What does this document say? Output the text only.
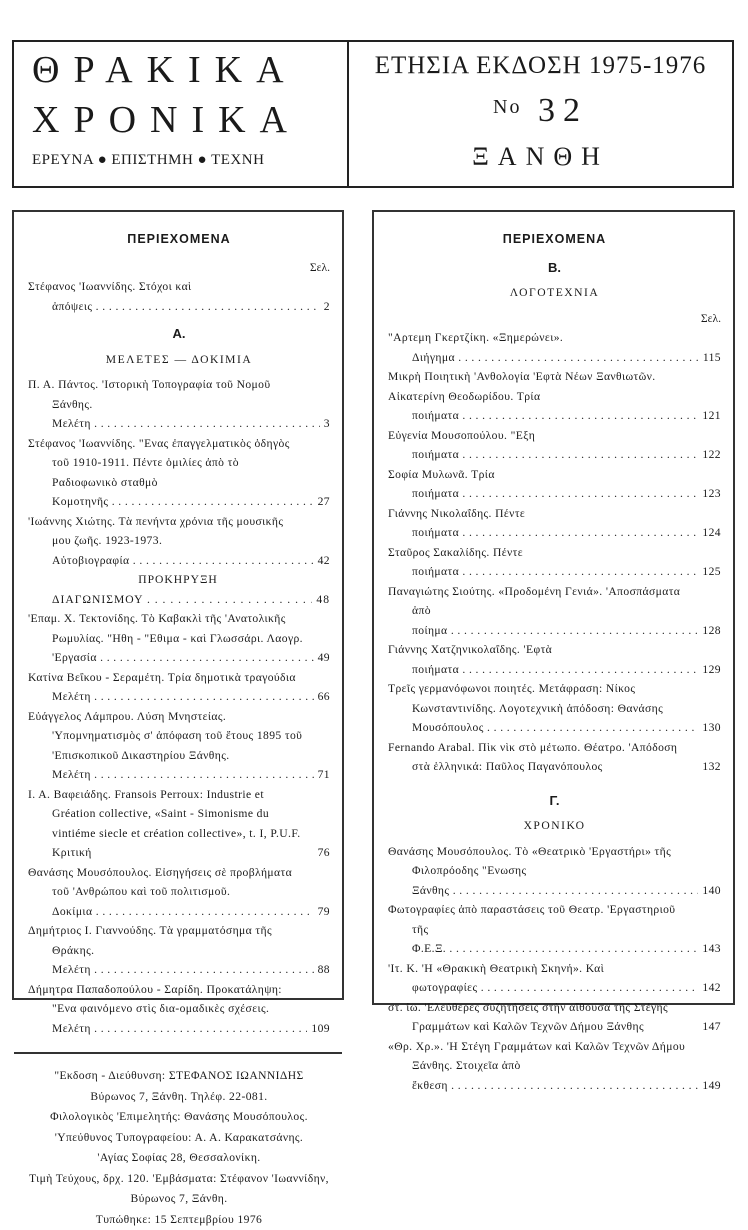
ΘΡΑΚΙΚΑ
ΧΡΟΝΙΚΑ
ΕΡΕΥΝΑ ● ΕΠΙΣΤΗΜΗ ● ΤΕΧΝΗ
ΕΤΗΣΙΑ ΕΚΔΟΣΗ 1975-1976
$^{No}$ 32
ΞΑΝΘΗ
ΠΕΡΙΕΧΟΜΕΝΑ
Σελ.
Στέφανος 'Ιωαννίδης. Στόχοι καὶ ἀπόψεις . . .	2
Α.
ΜΕΛΕΤΕΣ — ΔΟΚΙΜΙΑ
Π. Α. Πάντος. 'Ιστορικὴ Τοπογραφία τοῦ Νομοῦ Ξάνθης. Μελέτη . . .	3
Στέφανος 'Ιωαννίδης. "Ενας ἐπαγγελματικὸς ὁδηγὸς τοῦ 1910-1911. Πέντε ὁμιλίες ἀπὸ τὸ Ραδιοφωνικὸ σταθμὸ Κομοτηνῆς . . .	27
'Ιωάννης Χιώτης. Τὰ πενήντα χρόνια τῆς μουσικῆς μου ζωῆς. 1923-1973. Αὐτοβιογραφία . . .	42
ΠΡΟΚΗΡΥΞΗ ΔΙΑΓΩΝΙΣΜΟΥ . . .	48
'Επαμ. Χ. Τεκτονίδης. Τὸ Καβακλὶ τῆς 'Ανατολικῆς Ρωμυλίας. "Ηθη - "Εθιμα - καὶ Γλωσσάρι. Λαογρ. 'Εργασία . . .	49
Κατίνα Βεΐκου - Σεραμέτη. Τρία δημοτικὰ τραγούδια Μελέτη . . .	66
Εὐάγγελος Λάμπρου. Λύση Μνηστείας. 'Υπομνηματισμὸς σ' ἀπόφαση τοῦ ἔτους 1895 τοῦ 'Επισκοπικοῦ Δικαστηρίου Ξάνθης. Μελέτη . . .	71
Ι. Α. Βαφειάδης. Fransois Perroux: Industrie et Gréation collective, «Saint - Simonisme du vintiéme siecle et création collective», t. I, P.U.F. Κριτική	76
Θανάσης Μουσόπουλος. Εἰσηγήσεις σὲ προβλήματα τοῦ 'Ανθρώπου καὶ τοῦ πολιτισμοῦ. Δοκίμια . . .	79
Δημήτριος Ι. Γιαννούδης. Τὰ γραμματόσημα τῆς Θράκης. Μελέτη . . .	88
Δήμητρα Παπαδοπούλου - Σαρίδη. Προκατάληψη: "Ενα φαινόμενο στὶς δια-ομαδικὲς σχέσεις. Μελέτη . . .	109
"Εκδοση - Διεύθυνση: ΣΤΕΦΑΝΟΣ ΙΩΑΝΝΙΔΗΣ
Βύρωνος 7, Ξάνθη. Τηλέφ. 22-081.
Φιλολογικὸς 'Επιμελητής: Θανάσης Μουσόπουλος.
'Υπεύθυνος Τυπογραφείου: Α. Α. Καρακατσάνης.
'Αγίας Σοφίας 28, Θεσσαλονίκη.
Τιμὴ Τεύχους, δρχ. 120. 'Εμβάσματα: Στέφανον 'Ιωαννίδην, Βύρωνος 7, Ξάνθη.
Τυπώθηκε: 15 Σεπτεμβρίου 1976
ΠΕΡΙΕΧΟΜΕΝΑ
Β.
ΛΟΓΟΤΕΧΝΙΑ
Σελ.
"Αρτεμη Γκερτζίκη. «Ξημερώνει». Διήγημα . . .	115
Μικρὴ Ποιητικὴ 'Ανθολογία 'Εφτὰ Νέων Ξανθιωτῶν.
Αἰκατερίνη Θεοδωρίδου. Τρία ποιήματα . . .	121
Εὐγενία Μουσοπούλου. "Εξη ποιήματα . . .	122
Σοφία Μυλωνᾶ. Τρία ποιήματα . . .	123
Γιάννης Νικολαΐδης. Πέντε ποιήματα . . .	124
Σταῦρος Σακαλίδης. Πέντε ποιήματα . . .	125
Παναγιώτης Σιούτης. «Προδομένη Γενιά». 'Αποσπάσματα ἀπὸ ποίημα . . .	128
Γιάννης Χατζηνικολαΐδης. 'Εφτὰ ποιήματα . . .	129
Τρεῖς γερμανόφωνοι ποιητές. Μετάφραση: Νίκος Κωνσταντινίδης. Λογοτεχνικὴ ἀπόδοση: Θανάσης Μουσόπουλος . . .	130
Fernando Arabal. Πὶκ νὶκ στὸ μέτωπο. Θέατρο. 'Απόδοση στὰ ἑλληνικά: Παῦλος Παγανόπουλος	132
Γ.
ΧΡΟΝΙΚΟ
Θανάσης Μουσόπουλος. Τὸ «Θεατρικὸ 'Εργαστήρι» τῆς Φιλοπρόοδης "Ενωσης Ξάνθης . . .	140
Φωτογραφίες ἀπὸ παραστάσεις τοῦ Θεατρ. 'Εργαστηριοῦ τῆς Φ.Ε.Ξ. . . .	143
'Ιτ. Κ. 'Η «Θρακικὴ Θεατρικὴ Σκηνή». Καὶ φωτογραφίες . . .	142
στ. ἰω. 'Ελεύθερες συζητήσεις στὴν αἴθουσα τῆς Στέγης Γραμμάτων καὶ Καλῶν Τεχνῶν Δήμου Ξάνθης	147
«Θρ. Χρ.». 'Η Στέγη Γραμμάτων καὶ Καλῶν Τεχνῶν Δήμου Ξάνθης. Στοιχεῖα ἀπὸ ἔκθεση . . .	149
